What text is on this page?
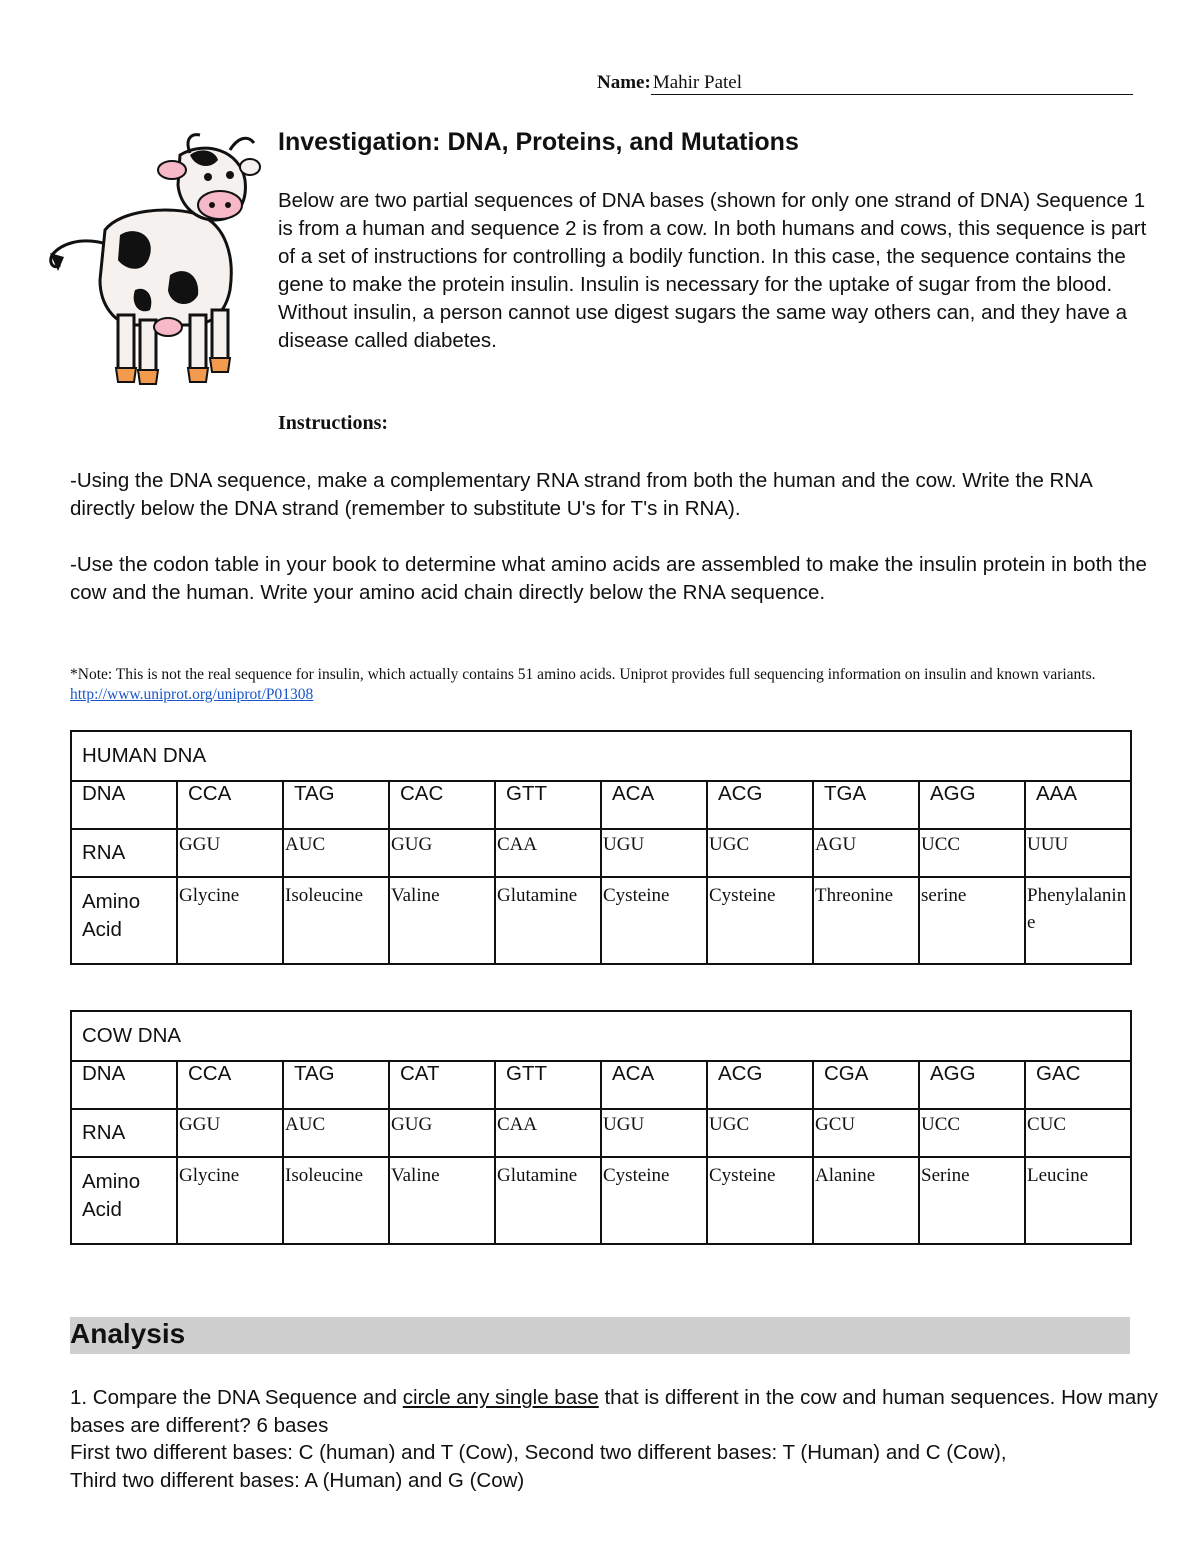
Name: Mahir Patel
Investigation: DNA, Proteins, and Mutations

Below are two partial sequences of DNA bases (shown for only one strand of DNA) Sequence 1 is from a human and sequence 2 is from a cow. In both humans and cows, this sequence is part of a set of instructions for controlling a bodily function. In this case, the sequence contains the gene to make the protein insulin. Insulin is necessary for the uptake of sugar from the blood. Without insulin, a person cannot use digest sugars the same way others can, and they have a disease called diabetes.

Instructions:

-Using the DNA sequence, make a complementary RNA strand from both the human and the cow. Write the RNA directly below the DNA strand (remember to substitute U's for T's in RNA).

-Use the codon table in your book to determine what amino acids are assembled to make the insulin protein in both the cow and the human. Write your amino acid chain directly below the RNA sequence.

*Note: This is not the real sequence for insulin, which actually contains 51 amino acids. Uniprot provides full sequencing information on insulin and known variants. http://www.uniprot.org/uniprot/P01308
HUMAN DNA									
DNA	CCA	TAG	CAC	GTT	ACA	ACG	TGA	AGG	AAA

RNA	GGU	AUC	GUG	CAA	UGU	UGC	AGU	UCC	UUU

Amino Acid	Glycine	Isoleucine	Valine	Glutamine	Cysteine	Cysteine	Threonine	serine	Phenylalanine
COW DNA									
DNA	CCA	TAG	CAT	GTT	ACA	ACG	CGA	AGG	GAC

RNA	GGU	AUC	GUG	CAA	UGU	UGC	GCU	UCC	CUC

Amino Acid	Glycine	Isoleucine	Valine	Glutamine	Cysteine	Cysteine	Alanine	Serine	Leucine
Analysis
1. Compare the DNA Sequence and circle any single base that is different in the cow and human sequences. How many bases are different? 6 bases
First two different bases: C (human) and T (Cow), Second two different bases: T (Human) and C (Cow),
Third two different bases: A (Human) and G (Cow)
